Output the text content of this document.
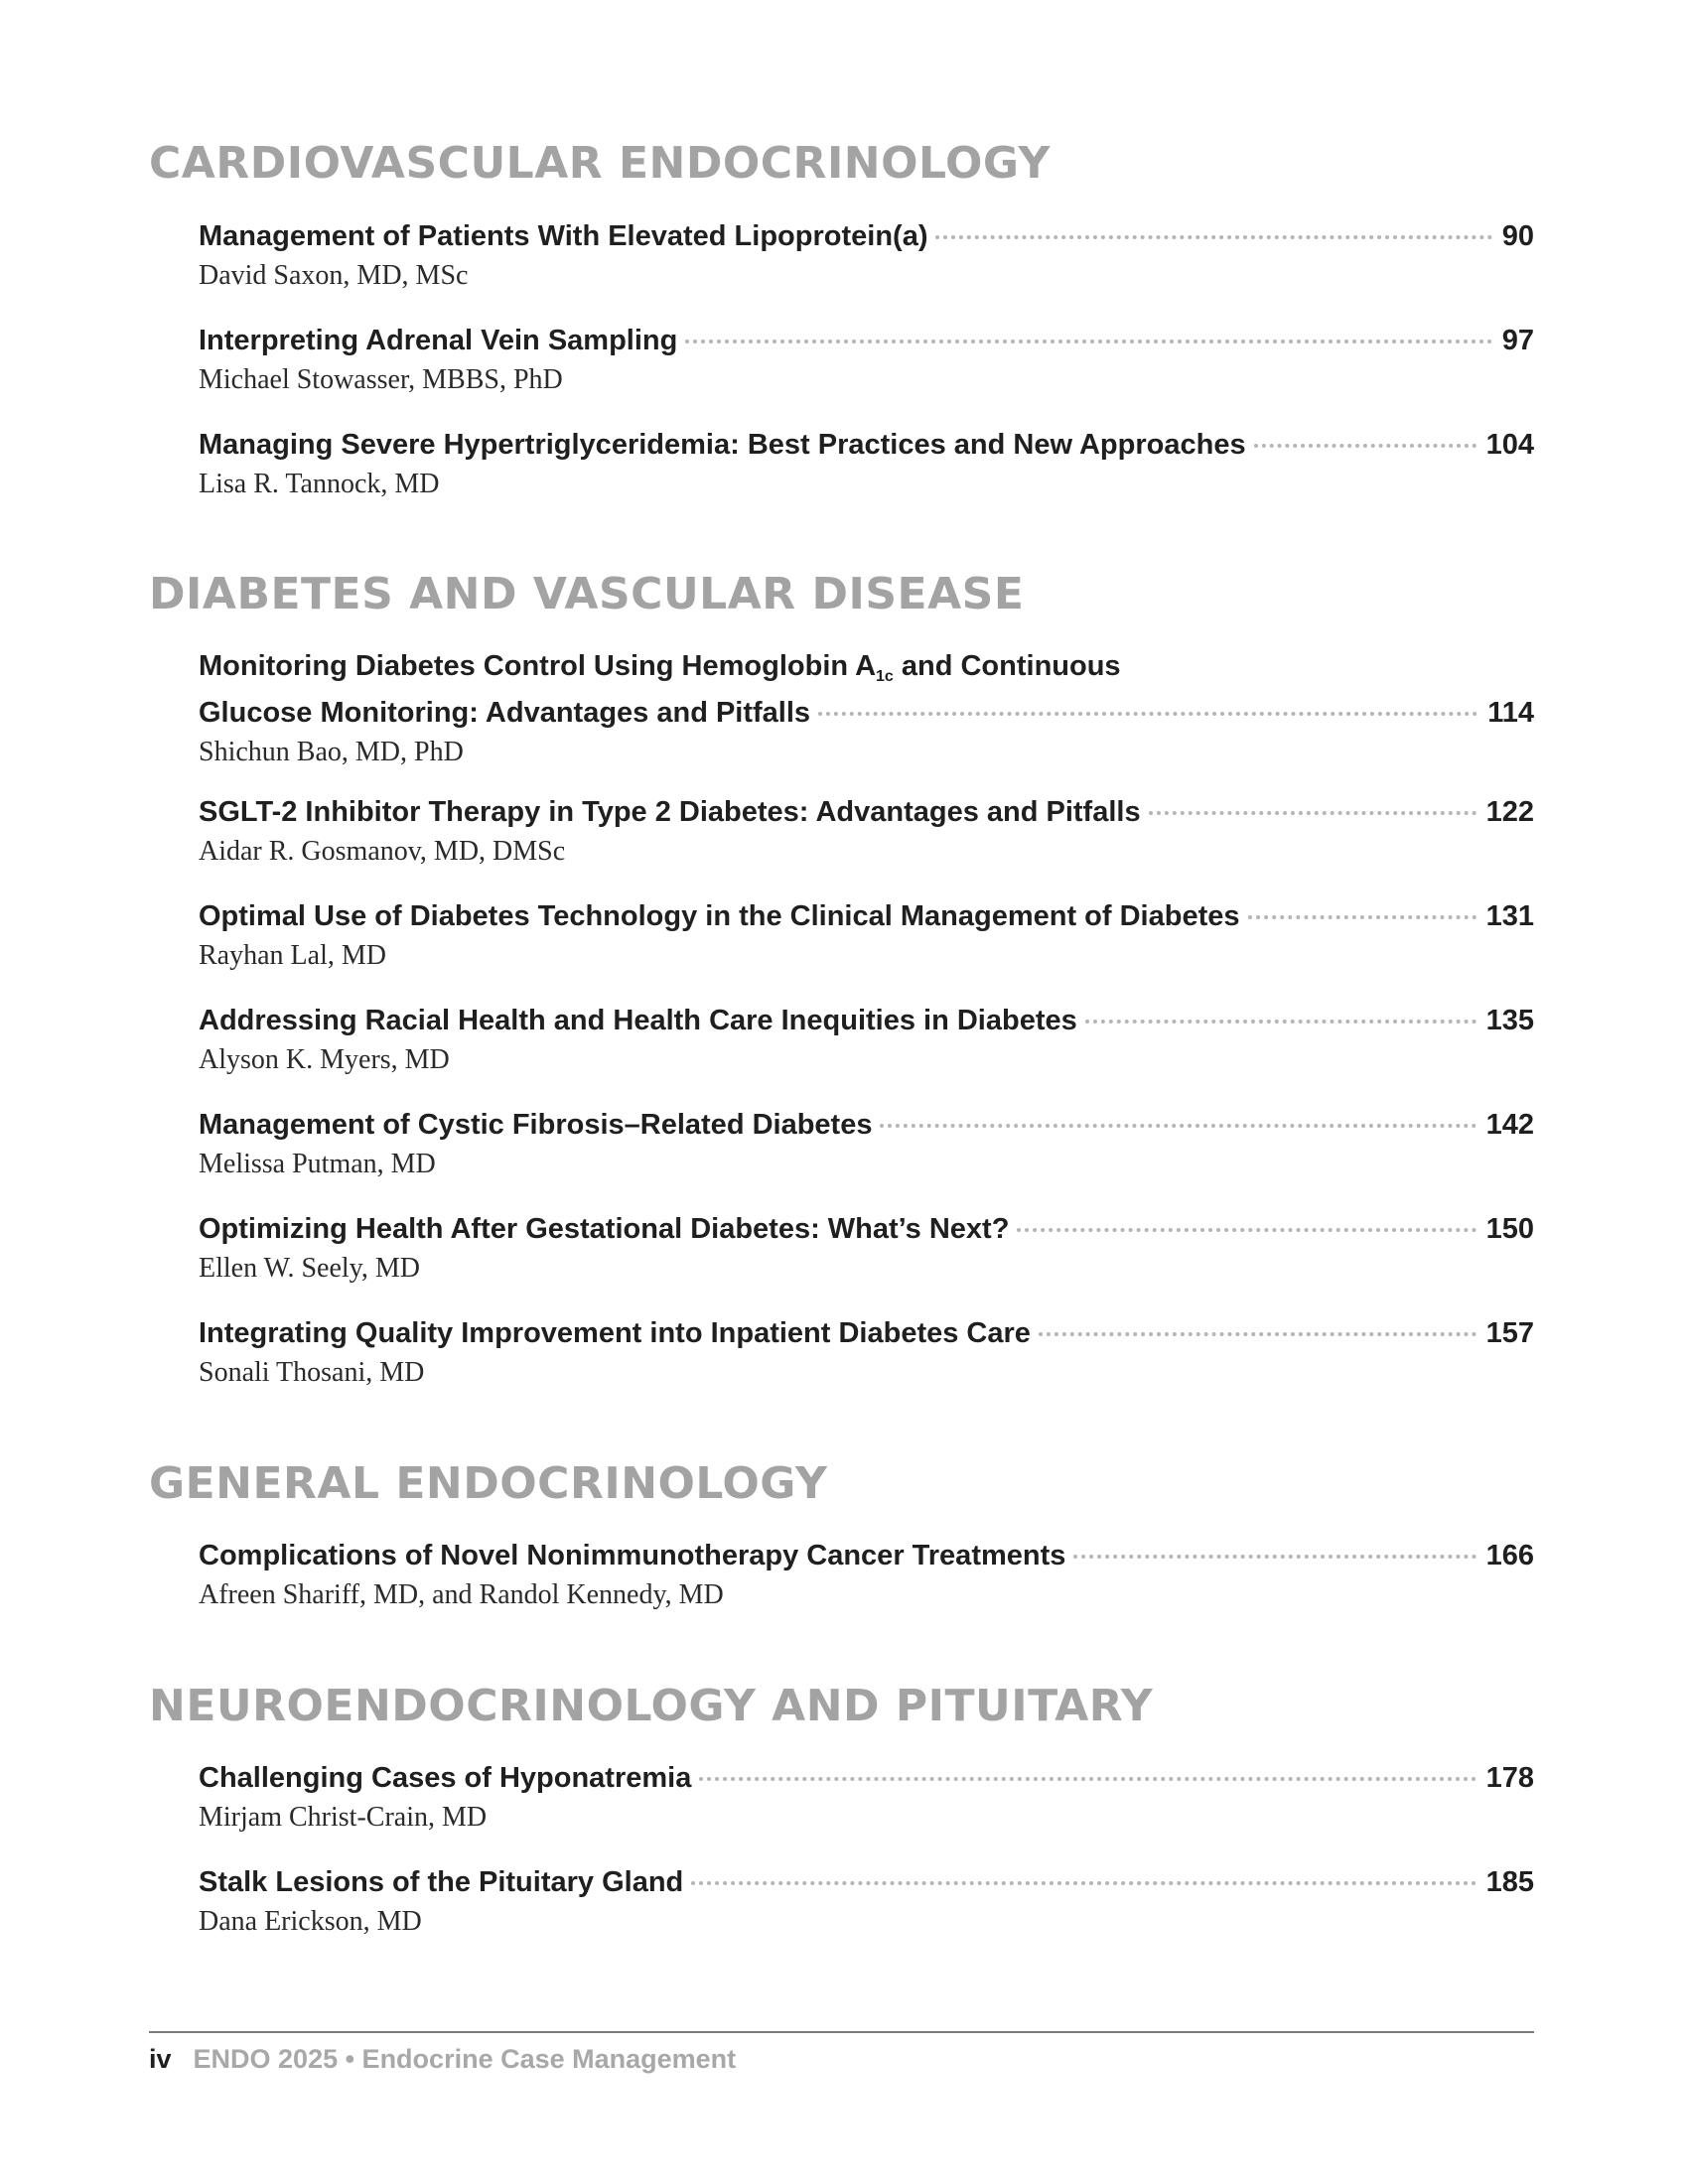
CARDIOVASCULAR ENDOCRINOLOGY
Management of Patients With Elevated Lipoprotein(a)	90
David Saxon, MD, MSc
Interpreting Adrenal Vein Sampling	97
Michael Stowasser, MBBS, PhD
Managing Severe Hypertriglyceridemia: Best Practices and New Approaches	104
Lisa R. Tannock, MD
DIABETES AND VASCULAR DISEASE
Monitoring Diabetes Control Using Hemoglobin $A_{1c}$ and Continuous
Glucose Monitoring: Advantages and Pitfalls	114
Shichun Bao, MD, PhD
SGLT-2 Inhibitor Therapy in Type 2 Diabetes: Advantages and Pitfalls	122
Aidar R. Gosmanov, MD, DMSc
Optimal Use of Diabetes Technology in the Clinical Management of Diabetes	131
Rayhan Lal, MD
Addressing Racial Health and Health Care Inequities in Diabetes	135
Alyson K. Myers, MD
Management of Cystic Fibrosis–Related Diabetes	142
Melissa Putman, MD
Optimizing Health After Gestational Diabetes: What’s Next?	150
Ellen W. Seely, MD
Integrating Quality Improvement into Inpatient Diabetes Care	157
Sonali Thosani, MD
GENERAL ENDOCRINOLOGY
Complications of Novel Nonimmunotherapy Cancer Treatments	166
Afreen Shariff, MD, and Randol Kennedy, MD
NEUROENDOCRINOLOGY AND PITUITARY
Challenging Cases of Hyponatremia	178
Mirjam Christ-Crain, MD
Stalk Lesions of the Pituitary Gland	185
Dana Erickson, MD
iv ENDO 2025 • Endocrine Case Management
